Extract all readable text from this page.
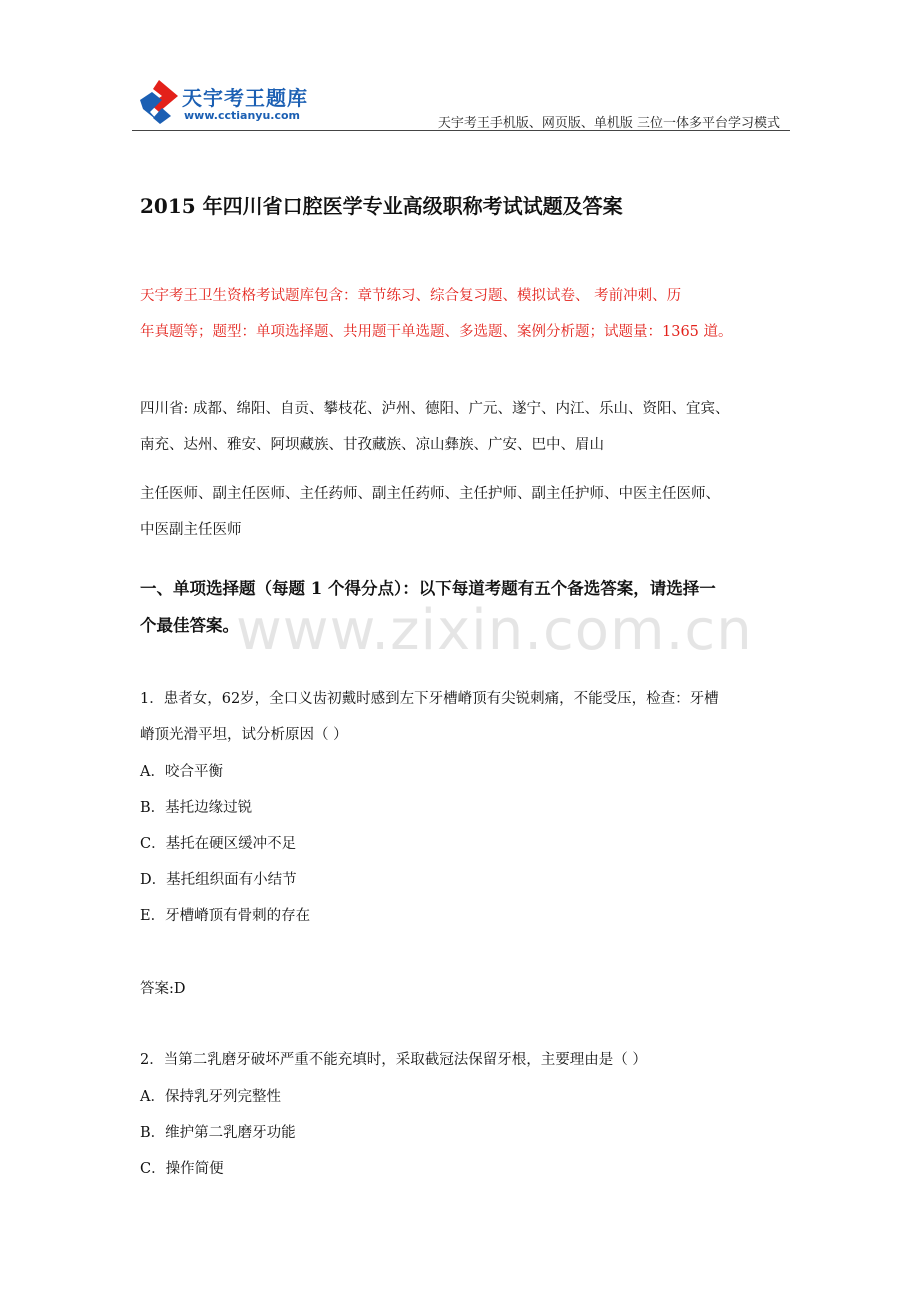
天宇考王题库
www.cctianyu.com
天宇考王手机版、网页版、单机版 三位一体多平台学习模式
2015 年四川省口腔医学专业高级职称考试试题及答案
天宇考王卫生资格考试题库包含：章节练习、综合复习题、模拟试卷、 考前冲刺、历
年真题等；题型：单项选择题、共用题干单选题、多选题、案例分析题；试题量：1365 道。
四川省: 成都、绵阳、自贡、攀枝花、泸州、德阳、广元、遂宁、内江、乐山、资阳、宜宾、
南充、达州、雅安、阿坝藏族、甘孜藏族、凉山彝族、广安、巴中、眉山
主任医师、副主任医师、主任药师、副主任药师、主任护师、副主任护师、中医主任医师、
中医副主任医师
一、单项选择题（每题 1 个得分点）：以下每道考题有五个备选答案，请选择一
个最佳答案。
www.zixin.com.cn
1．患者女，62岁，全口义齿初戴时感到左下牙槽嵴顶有尖锐刺痛，不能受压，检查：牙槽
嵴顶光滑平坦，试分析原因（ ）
A．咬合平衡
B．基托边缘过锐
C．基托在硬区缓冲不足
D．基托组织面有小结节
E．牙槽嵴顶有骨刺的存在
答案:D
2．当第二乳磨牙破坏严重不能充填时，采取截冠法保留牙根，主要理由是（ ）
A．保持乳牙列完整性
B．维护第二乳磨牙功能
C．操作简便
